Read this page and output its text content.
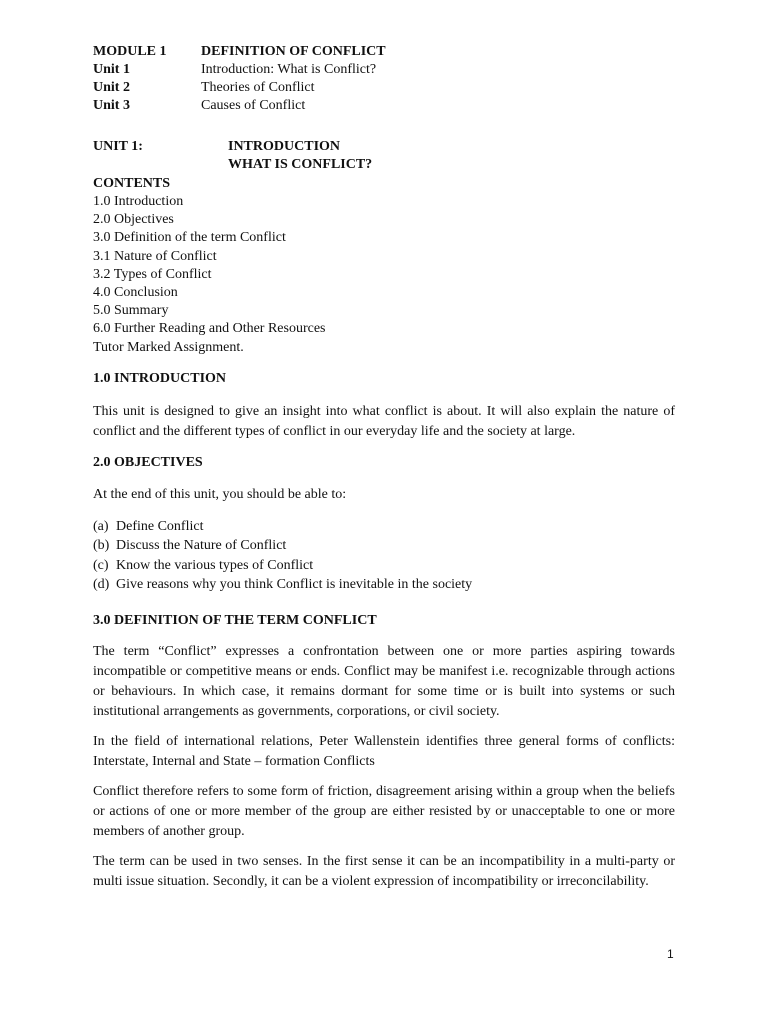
MODULE 1	DEFINITION OF CONFLICT
Unit 1	Introduction: What is Conflict?
Unit 2	Theories of Conflict
Unit 3	Causes of Conflict
UNIT 1:	INTRODUCTION
WHAT IS CONFLICT?
CONTENTS
1.0 Introduction
2.0 Objectives
3.0 Definition of the term Conflict
3.1 Nature of Conflict
3.2 Types of Conflict
4.0 Conclusion
5.0 Summary
6.0 Further Reading and Other Resources
Tutor Marked Assignment.
1.0 INTRODUCTION

This unit is designed to give an insight into what conflict is about. It will also explain the nature of conflict and the different types of conflict in our everyday life and the society at large.

2.0 OBJECTIVES

At the end of this unit, you should be able to:

(a) Define Conflict
(b) Discuss the Nature of Conflict
(c) Know the various types of Conflict
(d) Give reasons why you think Conflict is inevitable in the society
3.0 DEFINITION OF THE TERM CONFLICT

The term “Conflict” expresses a confrontation between one or more parties aspiring towards incompatible or competitive means or ends. Conflict may be manifest i.e. recognizable through actions or behaviours. In which case, it remains dormant for some time or is built into systems or such institutional arrangements as governments, corporations, or civil society.

In the field of international relations, Peter Wallenstein identifies three general forms of conflicts: Interstate, Internal and State – formation Conflicts

Conflict therefore refers to some form of friction, disagreement arising within a group when the beliefs or actions of one or more member of the group are either resisted by or unacceptable to one or more members of another group.

The term can be used in two senses. In the first sense it can be an incompatibility in a multi-party or multi issue situation. Secondly, it can be a violent expression of incompatibility or irreconcilability.

1
